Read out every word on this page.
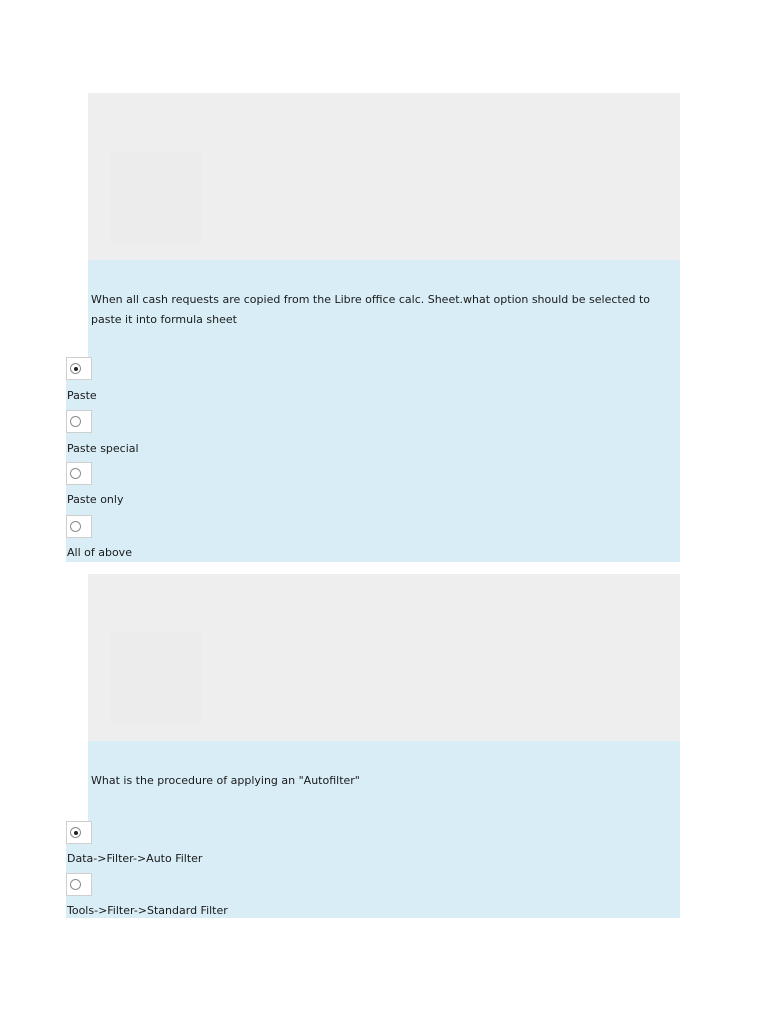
When all cash requests are copied from the Libre office calc. Sheet.what option should be selected to paste it into formula sheet
Paste
Paste special
Paste only
All of above
What is the procedure of applying an "Autofilter"
Data->Filter->Auto Filter
Tools->Filter->Standard Filter
